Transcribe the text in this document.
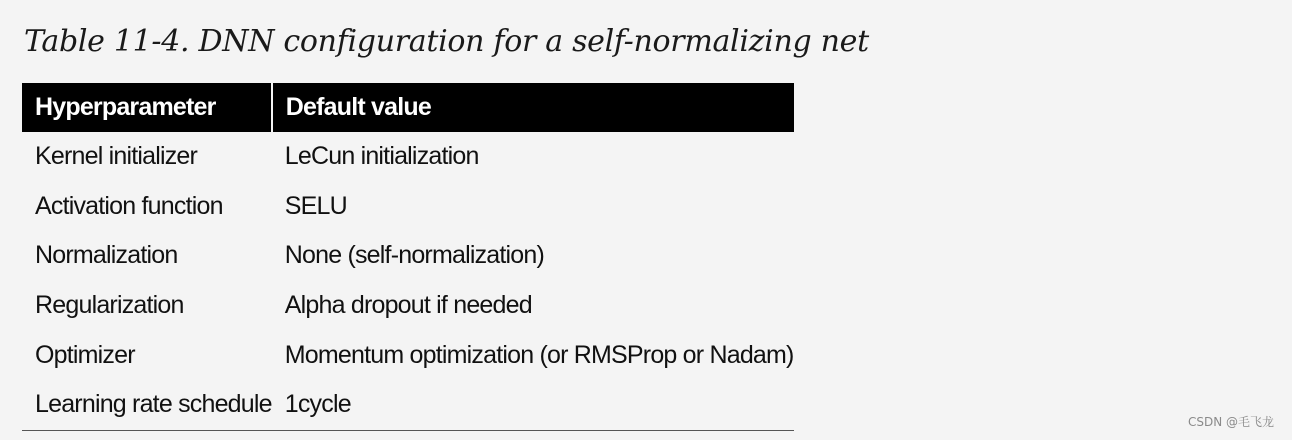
Table 11-4. DNN configuration for a self-normalizing net

Hyperparameter	Default value
Kernel initializer	LeCun initialization
Activation function	SELU
Normalization	None (self-normalization)
Regularization	Alpha dropout if needed
Optimizer	Momentum optimization (or RMSProp or Nadam)
Learning rate schedule	1cycle
CSDN @毛飞龙
